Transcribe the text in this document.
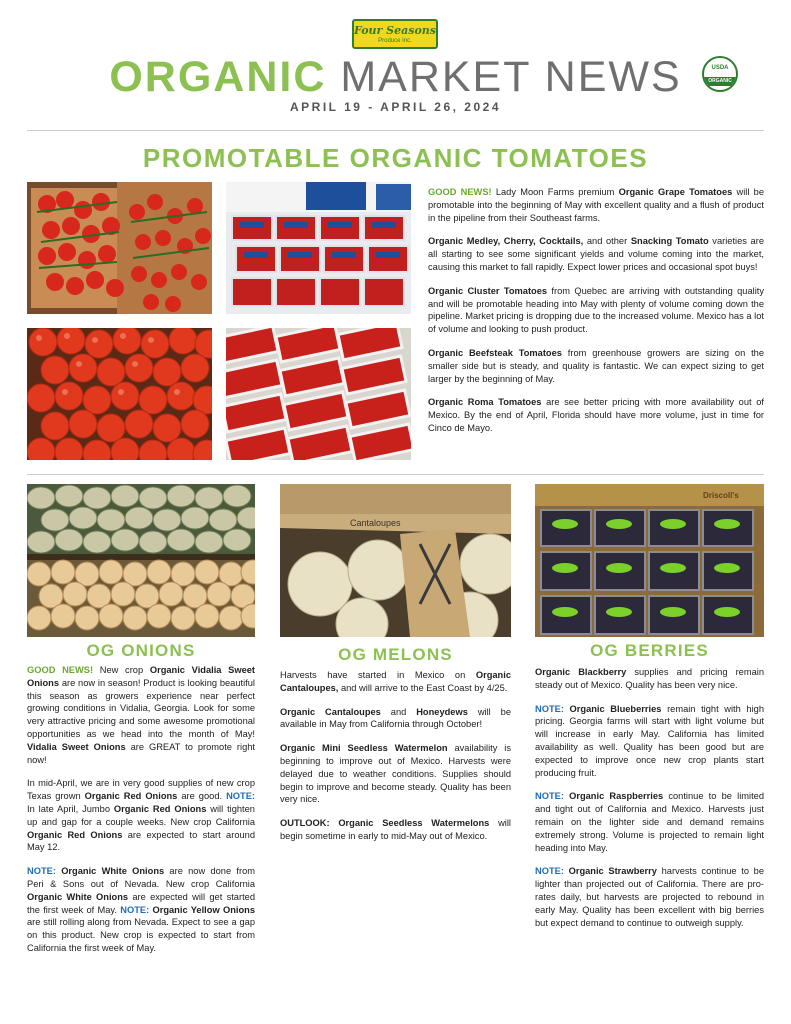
Four Seasons
Produce Inc.
ORGANIC MARKET NEWS	USDA
ORGANIC
APRIL 19 - APRIL 26, 2024
PROMOTABLE ORGANIC TOMATOES

GOOD NEWS! Lady Moon Farms premium Organic Grape Tomatoes will be promotable into the beginning of May with excellent quality and a flush of product in the pipeline from their Southeast farms.

Organic Medley, Cherry, Cocktails, and other Snacking Tomato varieties are all starting to see some significant yields and volume coming into the market, causing this market to fall rapidly. Expect lower prices and occasional spot buys!

Organic Cluster Tomatoes from Quebec are arriving with outstanding quality and will be promotable heading into May with plenty of volume coming down the pipeline. Market pricing is dropping due to the increased volume. Mexico has a lot of volume and looking to push product.

Organic Beefsteak Tomatoes from greenhouse growers are sizing on the smaller side but is steady, and quality is fantastic. We can expect sizing to get larger by the beginning of May.

Organic Roma Tomatoes are see better pricing with more availability out of Mexico. By the end of April, Florida should have more volume, just in time for Cinco de Mayo.

Cantaloupes
Driscoll's
OG ONIONS	OG MELONS	OG BERRIES

GOOD NEWS! New crop Organic Vidalia Sweet Onions are now in season! Product is looking beautiful this season as growers experience near perfect growing conditions in Vidalia, Georgia. Look for some very attractive pricing and some awesome promotional opportunities as we head into the month of May! Vidalia Sweet Onions are GREAT to promote right now!

In mid-April, we are in very good supplies of new crop Texas grown Organic Red Onions are good. NOTE: In late April, Jumbo Organic Red Onions will tighten up and gap for a couple weeks. New crop California Organic Red Onions are expected to start around May 12.

NOTE: Organic White Onions are now done from Peri & Sons out of Nevada. New crop California Organic White Onions are expected will get started the first week of May. NOTE: Organic Yellow Onions are still rolling along from Nevada. Expect to see a gap on this product. New crop is expected to start from California the first week of May.

Harvests have started in Mexico on Organic Cantaloupes, and will arrive to the East Coast by 4/25.

Organic Cantaloupes and Honeydews will be available in May from California through October!

Organic Mini Seedless Watermelon availability is beginning to improve out of Mexico. Harvests were delayed due to weather conditions. Supplies should begin to improve and become steady. Quality has been very nice.

OUTLOOK: Organic Seedless Watermelons will begin sometime in early to mid-May out of Mexico.

Organic Blackberry supplies and pricing remain steady out of Mexico. Quality has been very nice.

NOTE: Organic Blueberries remain tight with high pricing. Georgia farms will start with light volume but will increase in early May. California has limited availability as well. Quality has been good but are expected to improve once new crop plants start producing fruit.

NOTE: Organic Raspberries continue to be limited and tight out of California and Mexico. Harvests just remain on the lighter side and demand remains extremely strong. Volume is projected to remain light heading into May.

NOTE: Organic Strawberry harvests continue to be lighter than projected out of California. There are pro-rates daily, but harvests are projected to rebound in early May. Quality has been excellent with big berries but expect demand to continue to outweigh supply.
